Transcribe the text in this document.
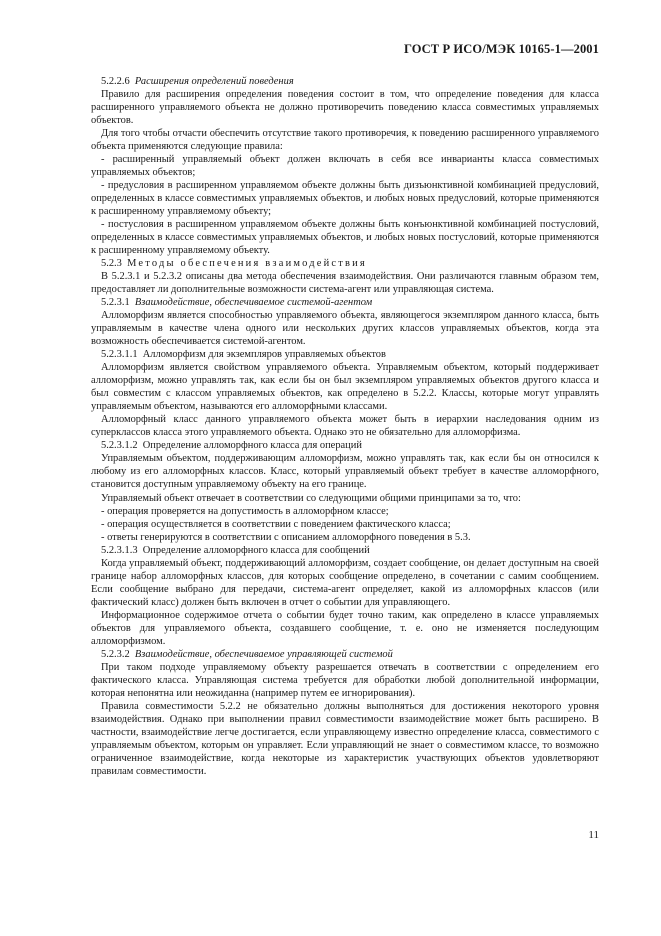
ГОСТ Р ИСО/МЭК 10165-1—2001

5.2.2.6  Расширения определений поведения

Правило для расширения определения поведения состоит в том, что определение поведения для класса расширенного управляемого объекта не должно противоречить поведению класса совместимых управляемых объектов.

Для того чтобы отчасти обеспечить отсутствие такого противоречия, к поведению расширенного управляемого объекта применяются следующие правила:

- расширенный управляемый объект должен включать в себя все инварианты класса совместимых управляемых объектов;

- предусловия в расширенном управляемом объекте должны быть дизъюнктивной комбинацией предусловий, определенных в классе совместимых управляемых объектов, и любых новых предусловий, которые применяются к расширенному управляемому объекту;

- постусловия в расширенном управляемом объекте должны быть конъюнктивной комбинацией постусловий, определенных в классе совместимых управляемых объектов, и любых новых постусловий, которые применяются к расширенному управляемому объекту.

5.2.3  Методы обеспечения взаимодействия

В 5.2.3.1 и 5.2.3.2 описаны два метода обеспечения взаимодействия. Они различаются главным образом тем, предоставляет ли дополнительные возможности система-агент или управляющая система.

5.2.3.1  Взаимодействие, обеспечиваемое системой-агентом

Алломорфизм является способностью управляемого объекта, являющегося экземпляром данного класса, быть управляемым в качестве члена одного или нескольких других классов управляемых объектов, когда эта возможность обеспечивается системой-агентом.

5.2.3.1.1  Алломорфизм для экземпляров управляемых объектов

Алломорфизм является свойством управляемого объекта. Управляемым объектом, который поддерживает алломорфизм, можно управлять так, как если бы он был экземпляром управляемых объектов другого класса и был совместим с классом управляемых объектов, как определено в 5.2.2. Классы, которые могут управлять управляемым объектом, называются его алломорфными классами.

Алломорфный класс данного управляемого объекта может быть в иерархии наследования одним из суперклассов класса этого управляемого объекта. Однако это не обязательно для алломорфизма.

5.2.3.1.2  Определение алломорфного класса для операций

Управляемым объектом, поддерживающим алломорфизм, можно управлять так, как если бы он относился к любому из его алломорфных классов. Класс, который управляемый объект требует в качестве алломорфного, становится доступным управляемому объекту на его границе.

Управляемый объект отвечает в соответствии со следующими общими принципами за то, что:

- операция проверяется на допустимость в алломорфном классе;

- операция осуществляется в соответствии с поведением фактического класса;

- ответы генерируются в соответствии с описанием алломорфного поведения в 5.3.

5.2.3.1.3  Определение алломорфного класса для сообщений

Когда управляемый объект, поддерживающий алломорфизм, создает сообщение, он делает доступным на своей границе набор алломорфных классов, для которых сообщение определено, в сочетании с самим сообщением. Если сообщение выбрано для передачи, система-агент определяет, какой из алломорфных классов (или фактический класс) должен быть включен в отчет о событии для управляющего.

Информационное содержимое отчета о событии будет точно таким, как определено в классе управляемых объектов для управляемого объекта, создавшего сообщение, т. е. оно не изменяется последующим алломорфизмом.

5.2.3.2  Взаимодействие, обеспечиваемое управляющей системой

При таком подходе управляемому объекту разрешается отвечать в соответствии с определением его фактического класса. Управляющая система требуется для обработки любой дополнительной информации, которая непонятна или неожиданна (например путем ее игнорирования).

Правила совместимости 5.2.2 не обязательно должны выполняться для достижения некоторого уровня взаимодействия. Однако при выполнении правил совместимости взаимодействие может быть расширено. В частности, взаимодействие легче достигается, если управляющему известно определение класса, совместимого с управляемым объектом, которым он управляет. Если управляющий не знает о совместимом классе, то возможно ограниченное взаимодействие, когда некоторые из характеристик участвующих объектов удовлетворяют правилам совместимости.

11
